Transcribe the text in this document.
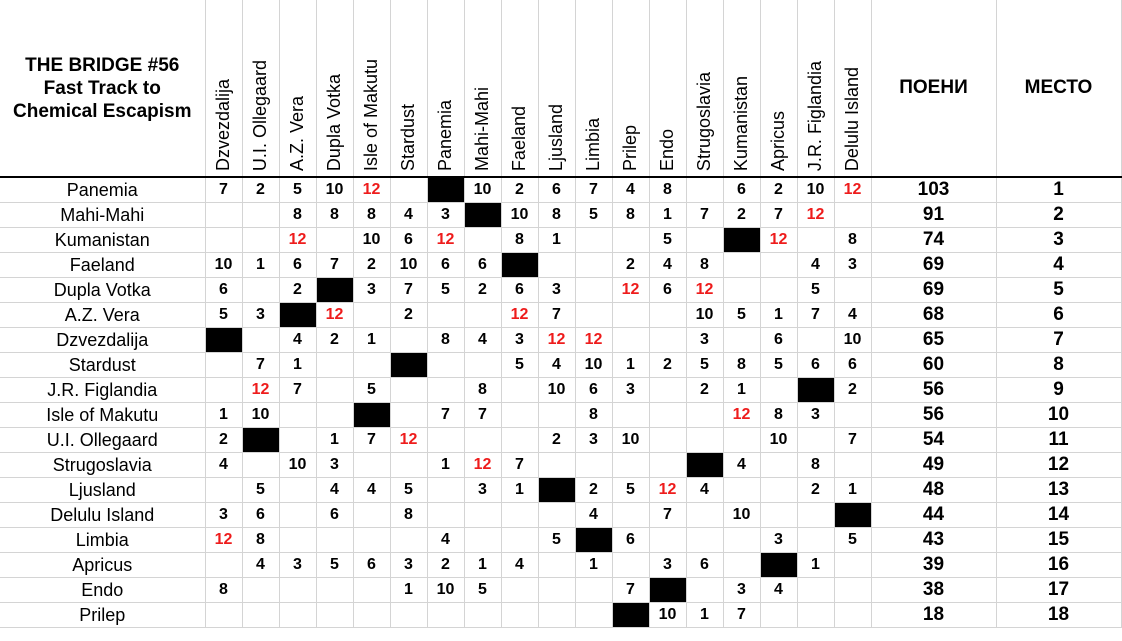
THE BRIDGE #56
Fast Track to
Chemical Escapism	Dzvezdalija	U.I. Ollegaard	A.Z. Vera	Dupla Votka	Isle of Makutu	Stardust	Panemia	Mahi-Mahi	Faeland	Ljusland	Limbia	Prilep	Endo	Strugoslavia	Kumanistan	Apricus	J.R. Figlandia	Delulu Island	ПОЕНИ	МЕСТО
Panemia	7	2	5	10	12			10	2	6	7	4	8		6	2	10	12	103	1
Mahi-Mahi			8	8	8	4	3		10	8	5	8	1	7	2	7	12		91	2
Kumanistan			12		10	6	12		8	1			5			12		8	74	3
Faeland	10	1	6	7	2	10	6	6				2	4	8			4	3	69	4
Dupla Votka	6		2		3	7	5	2	6	3		12	6	12			5		69	5
A.Z. Vera	5	3		12		2			12	7				10	5	1	7	4	68	6
Dzvezdalija			4	2	1		8	4	3	12	12			3		6		10	65	7
Stardust		7	1						5	4	10	1	2	5	8	5	6	6	60	8
J.R. Figlandia		12	7		5			8		10	6	3		2	1			2	56	9
Isle of Makutu	1	10					7	7			8				12	8	3		56	10
U.I. Ollegaard	2			1	7	12				2	3	10				10		7	54	11
Strugoslavia	4		10	3			1	12	7						4		8		49	12
Ljusland		5		4	4	5		3	1		2	5	12	4			2	1	48	13
Delulu Island	3	6		6		8					4		7		10				44	14
Limbia	12	8					4			5		6				3		5	43	15
Apricus		4	3	5	6	3	2	1	4		1		3	6			1		39	16
Endo	8					1	10	5				7			3	4			38	17
Prilep													10	1	7				18	18
